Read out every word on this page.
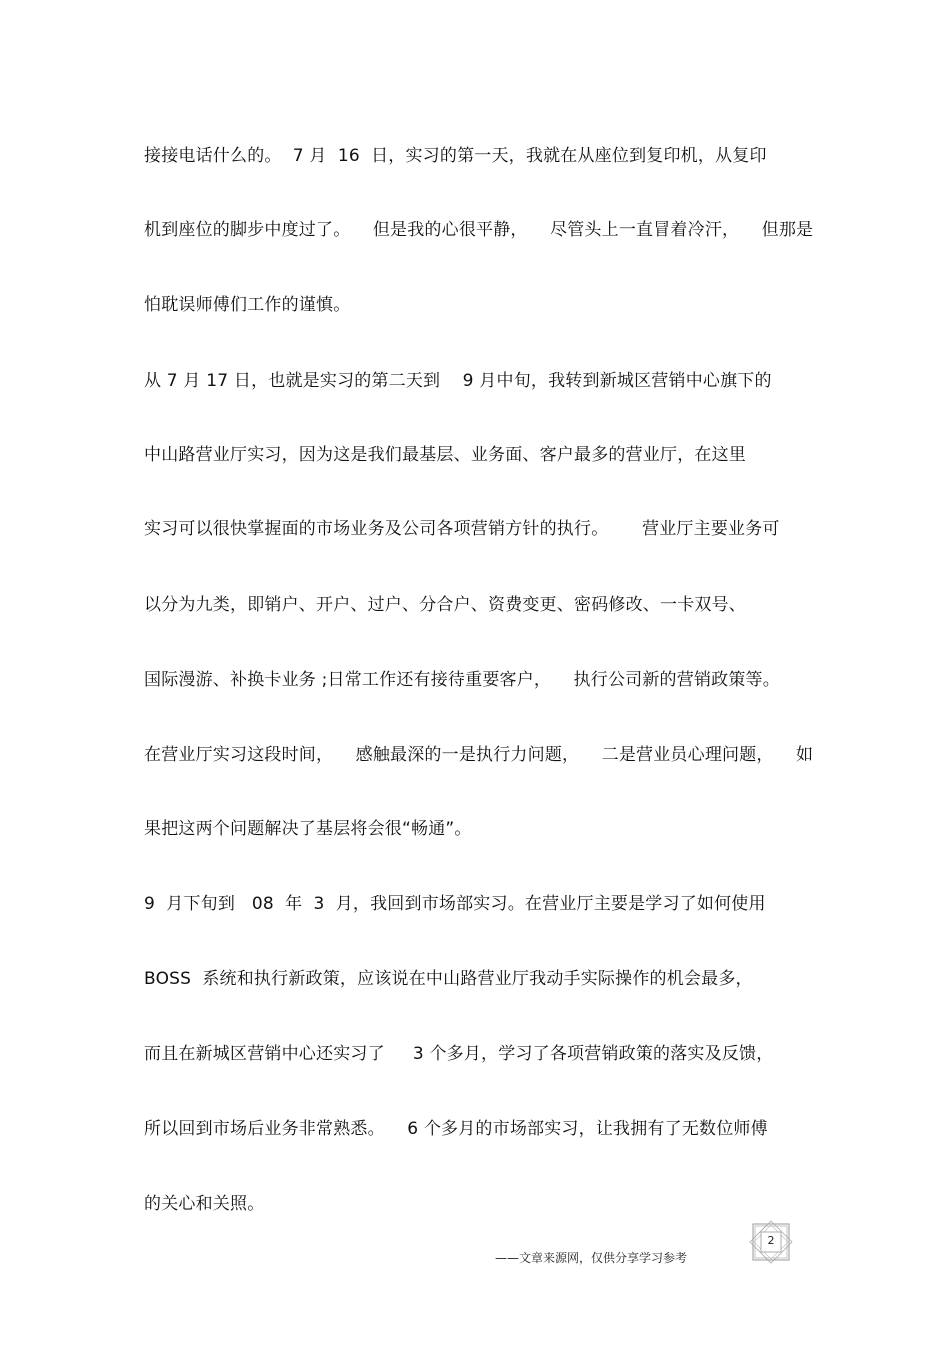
接接电话什么的。  7 月  16  日，实习的第一天，我就在从座位到复印机，从复印
机到座位的脚步中度过了。    但是我的心很平静，    尽管头上一直冒着冷汗，    但那是
怕耽误师傅们工作的谨慎。
从 7 月 17 日，也就是实习的第二天到    9 月中旬，我转到新城区营销中心旗下的
中山路营业厅实习，因为这是我们最基层、业务面、客户最多的营业厅，在这里
实习可以很快掌握面的市场业务及公司各项营销方针的执行。      营业厅主要业务可
以分为九类，即销户、开户、过户、分合户、资费变更、密码修改、一卡双号、
国际漫游、补换卡业务 ;日常工作还有接待重要客户，    执行公司新的营销政策等。
在营业厅实习这段时间，    感触最深的一是执行力问题，    二是营业员心理问题，    如
果把这两个问题解决了基层将会很“畅通”。
9  月下旬到   08  年  3  月，我回到市场部实习。在营业厅主要是学习了如何使用
BOSS  系统和执行新政策，应该说在中山路营业厅我动手实际操作的机会最多，
而且在新城区营销中心还实习了     3 个多月，学习了各项营销政策的落实及反馈，
所以回到市场后业务非常熟悉。    6 个多月的市场部实习，让我拥有了无数位师傅
的关心和关照。
2
——文章来源网，仅供分享学习参考
